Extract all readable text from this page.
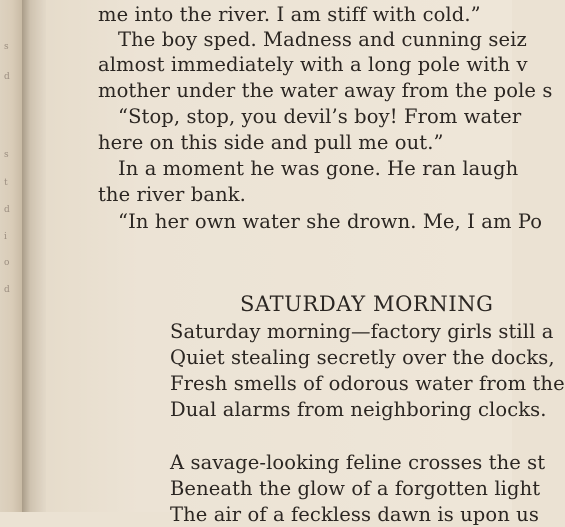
s
d
s
t
d
i
o
d
me into the river. I am stiff with cold.”
The boy sped. Madness and cunning seiz
almost immediately with a long pole with v
mother under the water away from the pole s
“Stop, stop, you devil’s boy! From water
here on this side and pull me out.”
In a moment he was gone. He ran laugh
the river bank.
“In her own water she drown. Me, I am Po
SATURDAY MORNING
Saturday morning—factory girls still a
Quiet stealing secretly over the docks,
Fresh smells of odorous water from the
Dual alarms from neighboring clocks.
A savage-looking feline crosses the st
Beneath the glow of a forgotten light
The air of a feckless dawn is upon us
